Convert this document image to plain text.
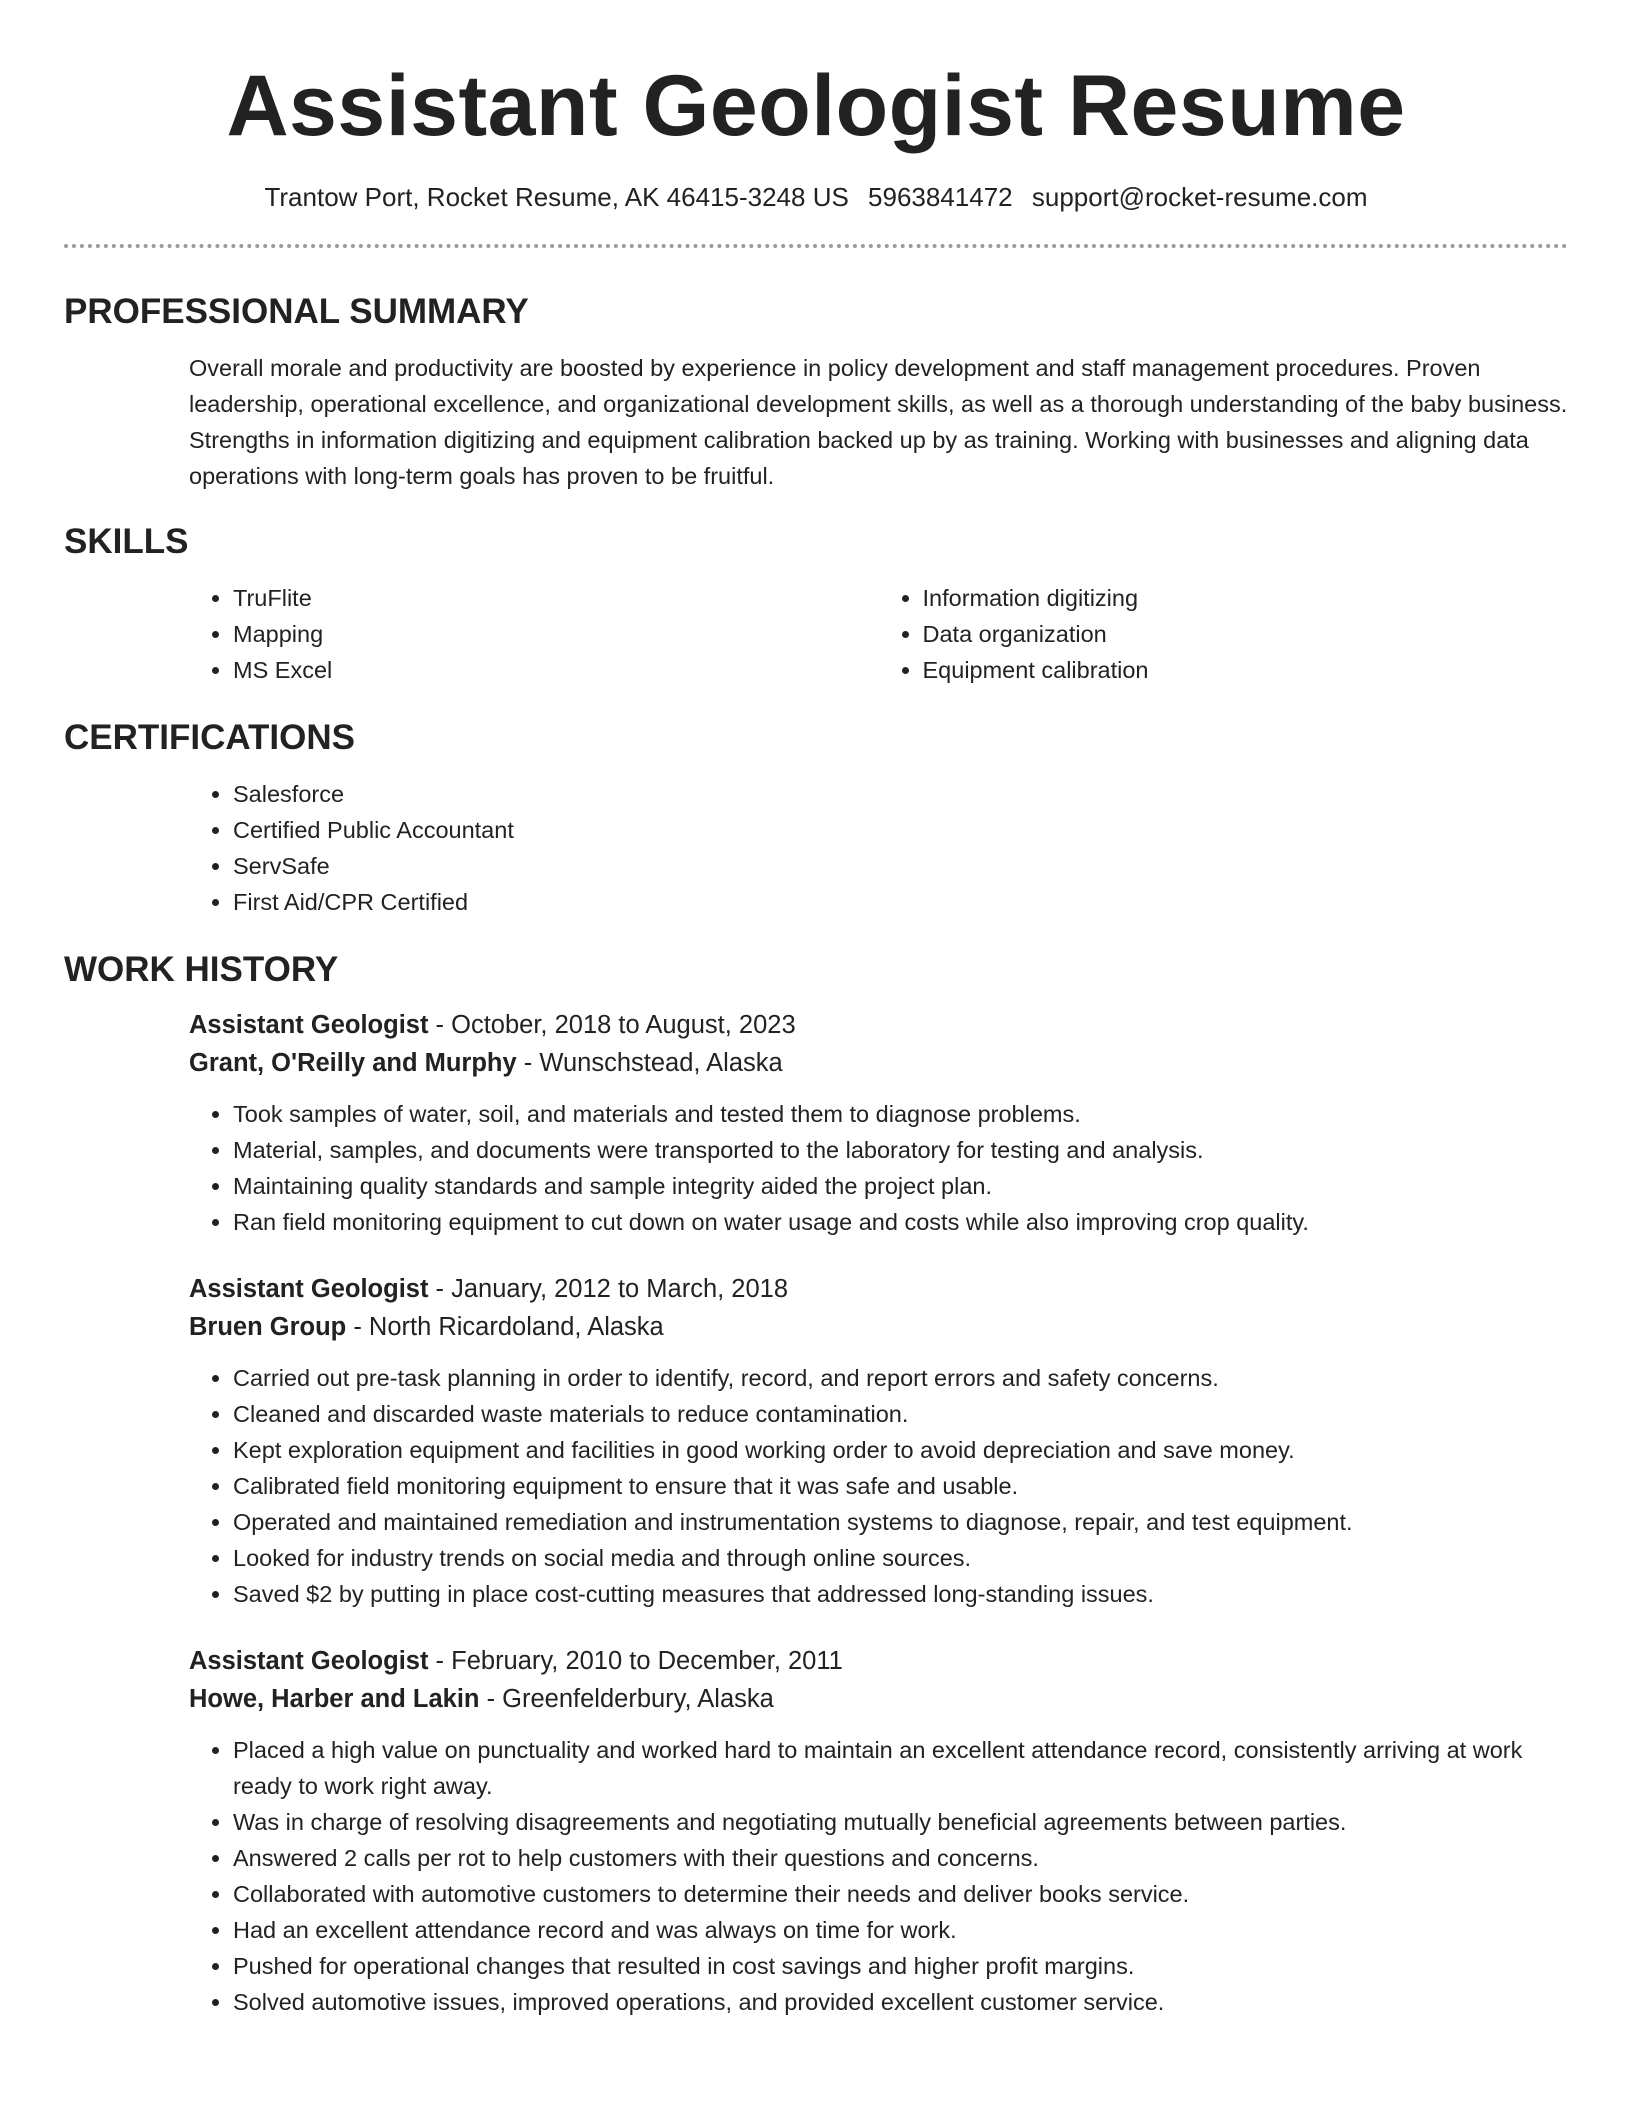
Assistant Geologist Resume
Trantow Port, Rocket Resume, AK 46415-3248 US 5963841472 support@rocket-resume.com
PROFESSIONAL SUMMARY

Overall morale and productivity are boosted by experience in policy development and staff management procedures. Proven leadership, operational excellence, and organizational development skills, as well as a thorough understanding of the baby business. Strengths in information digitizing and equipment calibration backed up by as training. Working with businesses and aligning data operations with long-term goals has proven to be fruitful.

SKILLS
• TruFlite
• Mapping
• MS Excel
• Information digitizing
• Data organization
• Equipment calibration
CERTIFICATIONS
• Salesforce
• Certified Public Accountant
• ServSafe
• First Aid/CPR Certified
WORK HISTORY
Assistant Geologist - October, 2018 to August, 2023
Grant, O'Reilly and Murphy - Wunschstead, Alaska
• Took samples of water, soil, and materials and tested them to diagnose problems.
• Material, samples, and documents were transported to the laboratory for testing and analysis.
• Maintaining quality standards and sample integrity aided the project plan.
• Ran field monitoring equipment to cut down on water usage and costs while also improving crop quality.
Assistant Geologist - January, 2012 to March, 2018
Bruen Group - North Ricardoland, Alaska
• Carried out pre-task planning in order to identify, record, and report errors and safety concerns.
• Cleaned and discarded waste materials to reduce contamination.
• Kept exploration equipment and facilities in good working order to avoid depreciation and save money.
• Calibrated field monitoring equipment to ensure that it was safe and usable.
• Operated and maintained remediation and instrumentation systems to diagnose, repair, and test equipment.
• Looked for industry trends on social media and through online sources.
• Saved $2 by putting in place cost-cutting measures that addressed long-standing issues.
Assistant Geologist - February, 2010 to December, 2011
Howe, Harber and Lakin - Greenfelderbury, Alaska
• Placed a high value on punctuality and worked hard to maintain an excellent attendance record, consistently arriving at work ready to work right away.
• Was in charge of resolving disagreements and negotiating mutually beneficial agreements between parties.
• Answered 2 calls per rot to help customers with their questions and concerns.
• Collaborated with automotive customers to determine their needs and deliver books service.
• Had an excellent attendance record and was always on time for work.
• Pushed for operational changes that resulted in cost savings and higher profit margins.
• Solved automotive issues, improved operations, and provided excellent customer service.
